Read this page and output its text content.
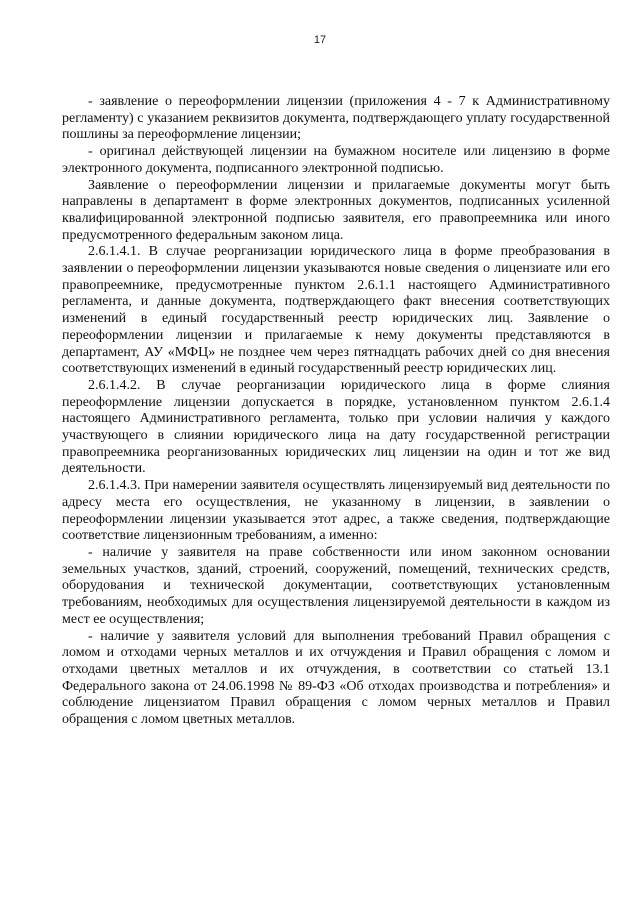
17

- заявление о переоформлении лицензии (приложения 4 - 7 к Административному регламенту) с указанием реквизитов документа, подтверждающего уплату государственной пошлины за переоформление лицензии;

- оригинал действующей лицензии на бумажном носителе или лицензию в форме электронного документа, подписанного электронной подписью.

Заявление о переоформлении лицензии и прилагаемые документы могут быть направлены в департамент в форме электронных документов, подписанных усиленной квалифицированной электронной подписью заявителя, его правопреемника или иного предусмотренного федеральным законом лица.

2.6.1.4.1. В случае реорганизации юридического лица в форме преобразования в заявлении о переоформлении лицензии указываются новые сведения о лицензиате или его правопреемнике, предусмотренные пунктом 2.6.1.1 настоящего Административного регламента, и данные документа, подтверждающего факт внесения соответствующих изменений в единый государственный реестр юридических лиц. Заявление о переоформлении лицензии и прилагаемые к нему документы представляются в департамент, АУ «МФЦ» не позднее чем через пятнадцать рабочих дней со дня внесения соответствующих изменений в единый государственный реестр юридических лиц.

2.6.1.4.2. В случае реорганизации юридического лица в форме слияния переоформление лицензии допускается в порядке, установленном пунктом 2.6.1.4 настоящего Административного регламента, только при условии наличия у каждого участвующего в слиянии юридического лица на дату государственной регистрации правопреемника реорганизованных юридических лиц лицензии на один и тот же вид деятельности.

2.6.1.4.3. При намерении заявителя осуществлять лицензируемый вид деятельности по адресу места его осуществления, не указанному в лицензии, в заявлении о переоформлении лицензии указывается этот адрес, а также сведения, подтверждающие соответствие лицензионным требованиям, а именно:

- наличие у заявителя на праве собственности или ином законном основании земельных участков, зданий, строений, сооружений, помещений, технических средств, оборудования и технической документации, соответствующих установленным требованиям, необходимых для осуществления лицензируемой деятельности в каждом из мест ее осуществления;

- наличие у заявителя условий для выполнения требований Правил обращения с ломом и отходами черных металлов и их отчуждения и Правил обращения с ломом и отходами цветных металлов и их отчуждения, в соответствии со статьей 13.1 Федерального закона от 24.06.1998 № 89-ФЗ «Об отходах производства и потребления» и соблюдение лицензиатом Правил обращения с ломом черных металлов и Правил обращения с ломом цветных металлов.
